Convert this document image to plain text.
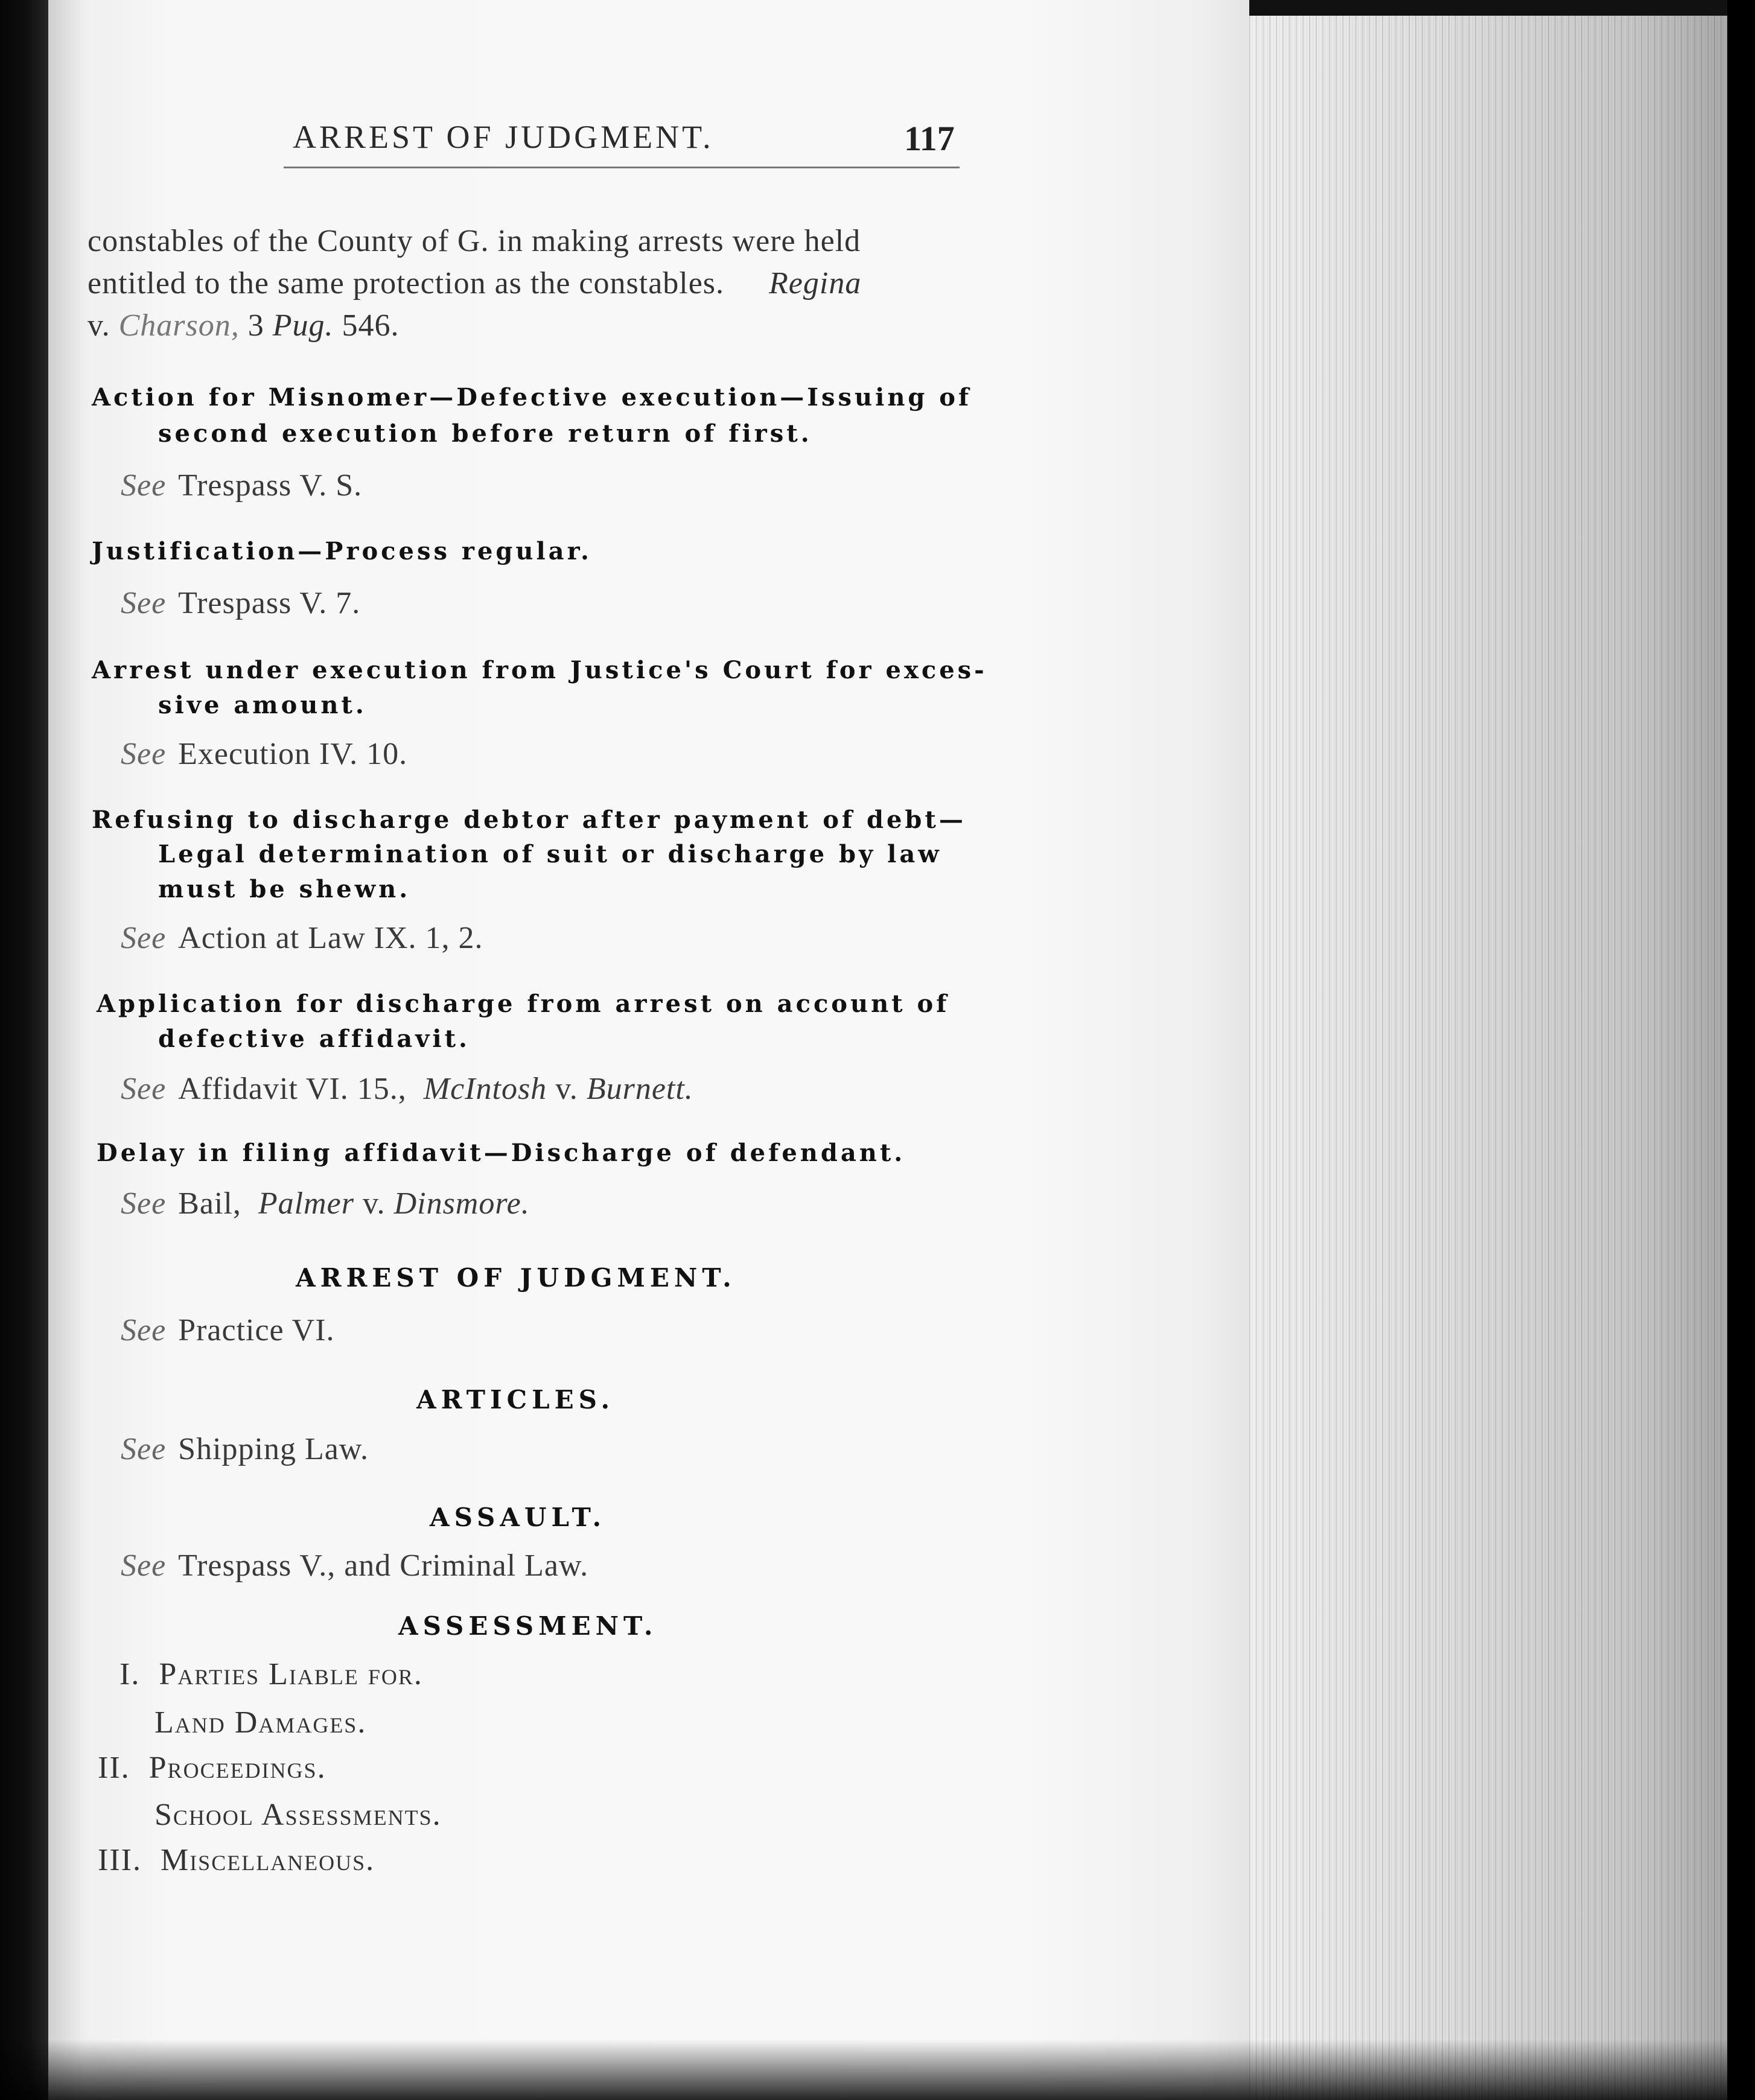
ARREST OF JUDGMENT.	117
constables of the County of G. in making arrests were held
entitled to the same protection as the constables. Regina
v. Charson, 3 Pug. 546.
Action for Misnomer—Defective execution—Issuing of
second execution before return of first.
See Trespass V. S.
Justification—Process regular.
See Trespass V. 7.
Arrest under execution from Justice's Court for exces-
sive amount.
See Execution IV. 10.
Refusing to discharge debtor after payment of debt—
Legal determination of suit or discharge by law
must be shewn.
See Action at Law IX. 1, 2.
Application for discharge from arrest on account of
defective affidavit.
See Affidavit VI. 15., McIntosh v. Burnett.
Delay in filing affidavit—Discharge of defendant.
See Bail, Palmer v. Dinsmore.
ARREST OF JUDGMENT.
See Practice VI.
ARTICLES.
See Shipping Law.
ASSAULT.
See Trespass V., and Criminal Law.
ASSESSMENT.
I. Parties Liable for.
Land Damages.
II. Proceedings.
School Assessments.
III. Miscellaneous.
